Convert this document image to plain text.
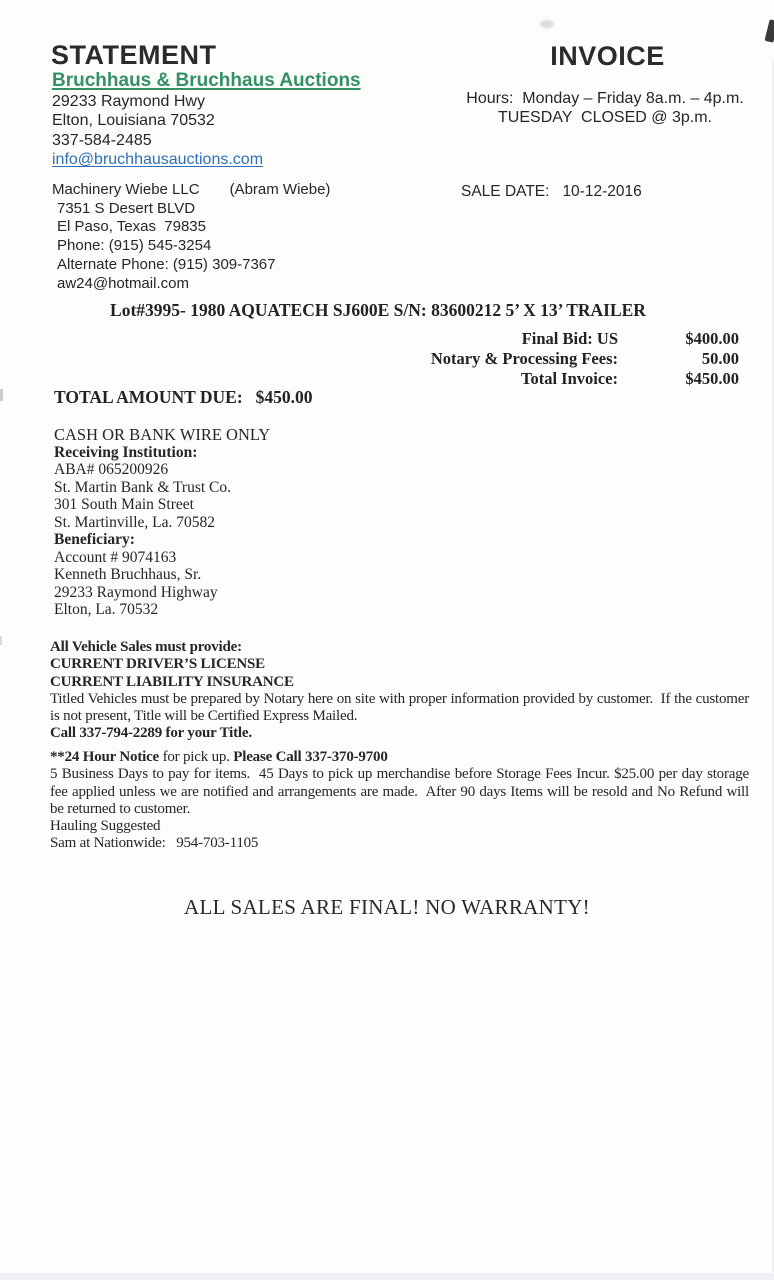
STATEMENT
Bruchhaus & Bruchhaus Auctions
29233 Raymond Hwy
Elton, Louisiana 70532
337-584-2485
info@bruchhausauctions.com
INVOICE
Hours:  Monday – Friday 8a.m. – 4p.m.
TUESDAY  CLOSED @ 3p.m.
Machinery Wiebe LLC (Abram Wiebe)
7351 S Desert BLVD
El Paso, Texas  79835
Phone: (915) 545-3254
Alternate Phone: (915) 309-7367
aw24@hotmail.com
SALE DATE: 10-12-2016
Lot#3995- 1980 AQUATECH SJ600E S/N: 83600212 5’ X 13’ TRAILER
Final Bid: US	$400.00
Notary & Processing Fees:	50.00
Total Invoice:	$450.00
TOTAL AMOUNT DUE: $450.00
CASH OR BANK WIRE ONLY
Receiving Institution:
ABA# 065200926
St. Martin Bank & Trust Co.
301 South Main Street
St. Martinville, La. 70582
Beneficiary:
Account # 9074163
Kenneth Bruchhaus, Sr.
29233 Raymond Highway
Elton, La. 70532
All Vehicle Sales must provide:
CURRENT DRIVER’S LICENSE
CURRENT LIABILITY INSURANCE
Titled Vehicles must be prepared by Notary here on site with proper information provided by customer.  If the customer is not present, Title will be Certified Express Mailed.
Call 337-794-2289 for your Title.
**24 Hour Notice for pick up. Please Call 337-370-9700
5 Business Days to pay for items.  45 Days to pick up merchandise before Storage Fees Incur. $25.00 per day storage fee applied unless we are notified and arrangements are made.  After 90 days Items will be resold and No Refund will be returned to customer.
Hauling Suggested
Sam at Nationwide:   954-703-1105
ALL SALES ARE FINAL! NO WARRANTY!
